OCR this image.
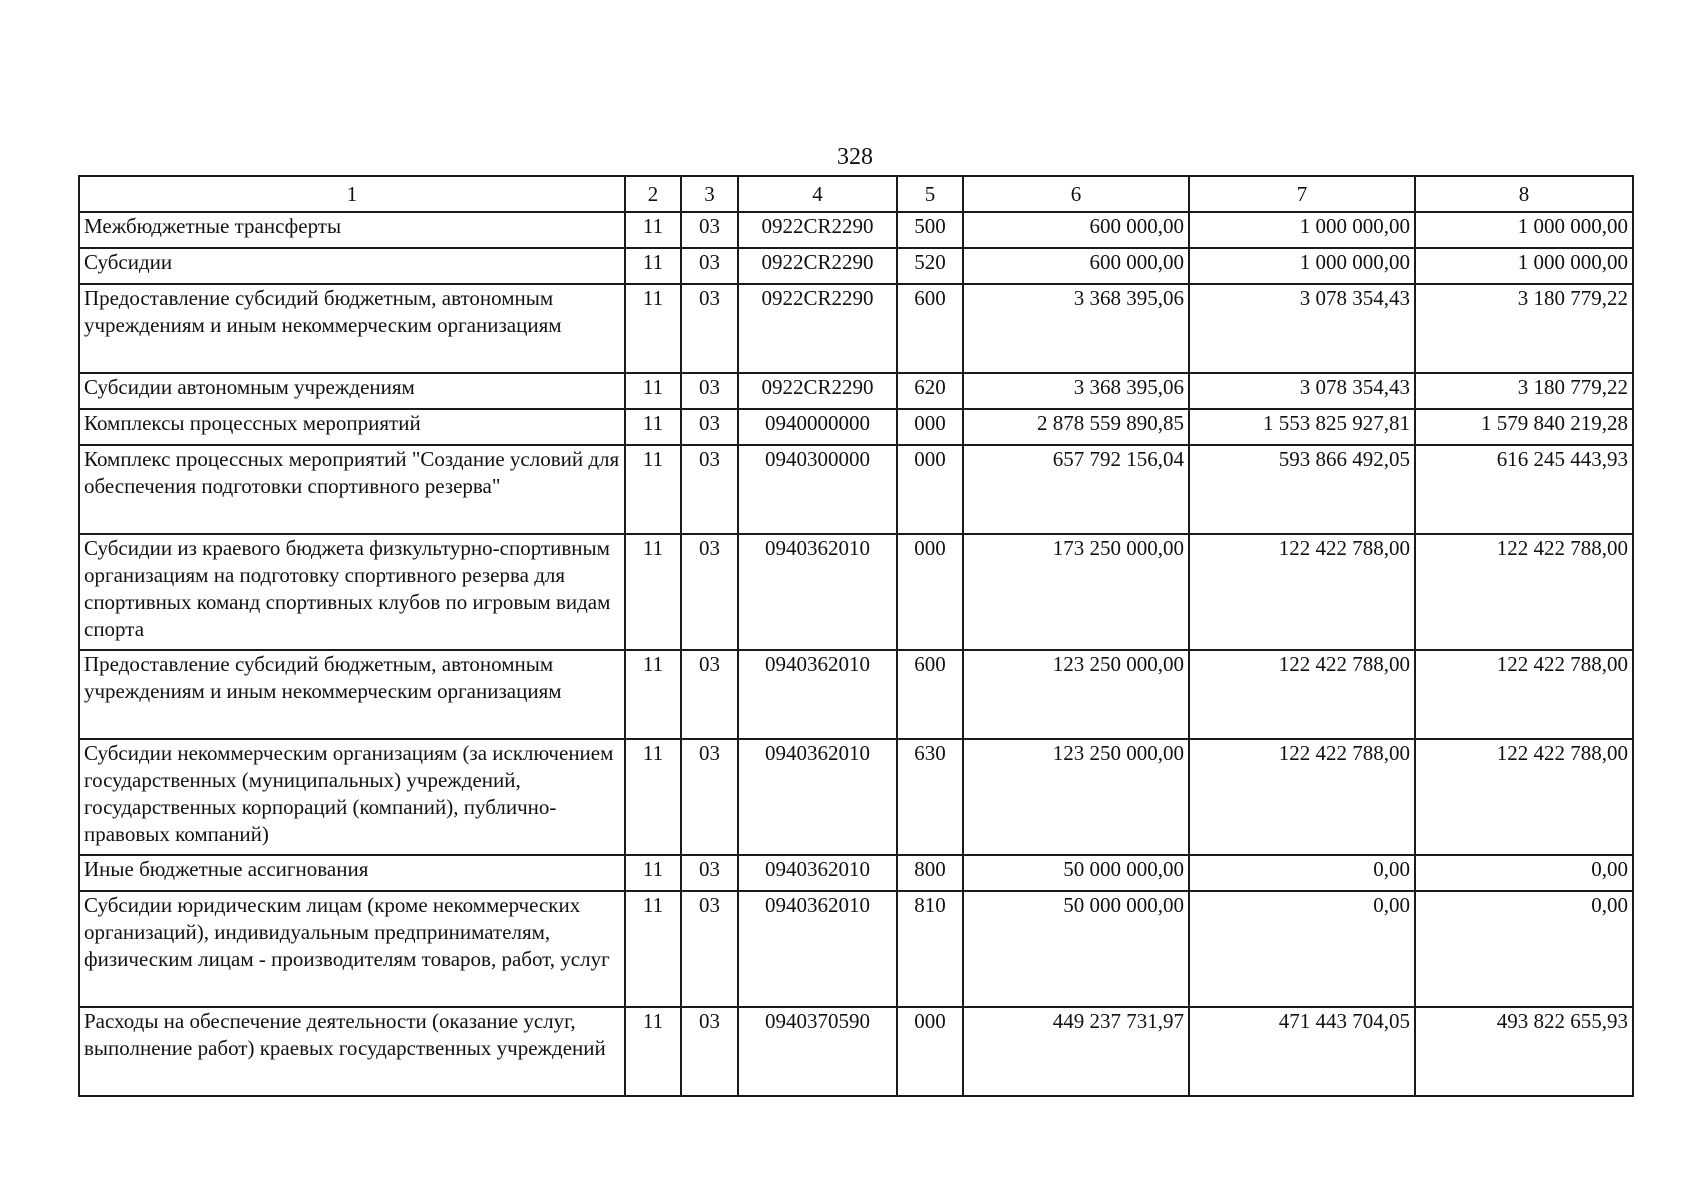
328
1	2	3	4	5	6	7	8
Межбюджетные трансферты	11	03	0922CR2290	500	600 000,00	1 000 000,00	1 000 000,00
Субсидии	11	03	0922CR2290	520	600 000,00	1 000 000,00	1 000 000,00
Предоставление субсидий бюджетным, автономным учреждениям и иным некоммерческим организациям	11	03	0922CR2290	600	3 368 395,06	3 078 354,43	3 180 779,22
Субсидии автономным учреждениям	11	03	0922CR2290	620	3 368 395,06	3 078 354,43	3 180 779,22
Комплексы процессных мероприятий	11	03	0940000000	000	2 878 559 890,85	1 553 825 927,81	1 579 840 219,28
Комплекс процессных мероприятий "Создание условий для обеспечения подготовки спортивного резерва"	11	03	0940300000	000	657 792 156,04	593 866 492,05	616 245 443,93
Субсидии из краевого бюджета физкультурно-спортивным организациям на подготовку спортивного резерва для спортивных команд спортивных клубов по игровым видам спорта	11	03	0940362010	000	173 250 000,00	122 422 788,00	122 422 788,00
Предоставление субсидий бюджетным, автономным учреждениям и иным некоммерческим организациям	11	03	0940362010	600	123 250 000,00	122 422 788,00	122 422 788,00
Субсидии некоммерческим организациям (за исключением государственных (муниципальных) учреждений, государственных корпораций (компаний), публично-правовых компаний)	11	03	0940362010	630	123 250 000,00	122 422 788,00	122 422 788,00
Иные бюджетные ассигнования	11	03	0940362010	800	50 000 000,00	0,00	0,00
Субсидии юридическим лицам (кроме некоммерческих организаций), индивидуальным предпринимателям, физическим лицам - производителям товаров, работ, услуг	11	03	0940362010	810	50 000 000,00	0,00	0,00
Расходы на обеспечение деятельности (оказание услуг, выполнение работ) краевых государственных учреждений	11	03	0940370590	000	449 237 731,97	471 443 704,05	493 822 655,93
